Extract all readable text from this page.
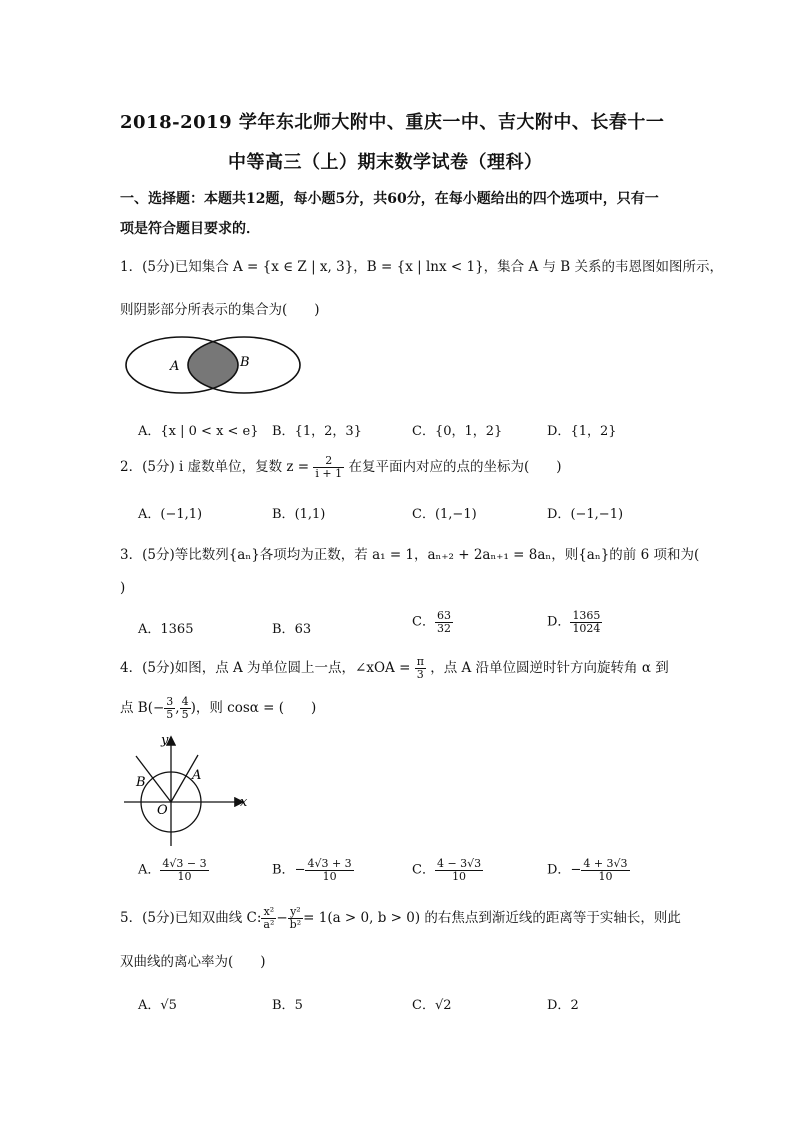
2018-2019 学年东北师大附中、重庆一中、吉大附中、长春十一
中等高三（上）期末数学试卷（理科）
一、选择题：本题共12题，每小题5分，共60分，在每小题给出的四个选项中，只有一
项是符合题目要求的．
1．(5分)已知集合 A = {x ∈ Z | x, 3}，B = {x | lnx < 1}，集合 A 与 B 关系的韦恩图如图所示，
则阴影部分所表示的集合为(　　)
A	B
A．{x | 0 < x < e} B．{1，2，3}	C．{0，1，2}	D．{1，2}
2．(5分) i 虚数单位，复数 $z = \frac{2}{i + 1}$ 在复平面内对应的点的坐标为(　　)
A．(−1,1)	B．(1,1)	C．(1,−1)	D．(−1,−1)
3．(5分)等比数列{aₙ}各项均为正数，若 a₁ = 1，aₙ₊₂ + 2aₙ₊₁ = 8aₙ，则{aₙ}的前 6 项和为(
)
A．1365	B．63	C． $\frac{63}{32}$	D． $\frac{1365}{1024}$
4．(5分)如图，点 A 为单位圆上一点，∠xOA = $\frac{\pi}{3}$ ，点 A 沿单位圆逆时针方向旋转角 α 到
点 $B(- \frac{3}{5}$ , $\frac{4}{5}$ )，则 cosα = (　　)
y
x
O
A
B
A． $\frac{4√3 - 3}{10}$	B．− $\frac{4√3 + 3}{10}$	C． $\frac{4 - 3√3}{10}$	D．− $\frac{4 + 3√3}{10}$
5．(5分)已知双曲线 C: $\frac{\text{x²}}{\text{a²}} - \frac{\text{y²}}{\text{b²}} = 1(a > 0$, b > 0) 的右焦点到渐近线的距离等于实轴长，则此
双曲线的离心率为(　　)
A．√5	B．5	C．√2	D．2
